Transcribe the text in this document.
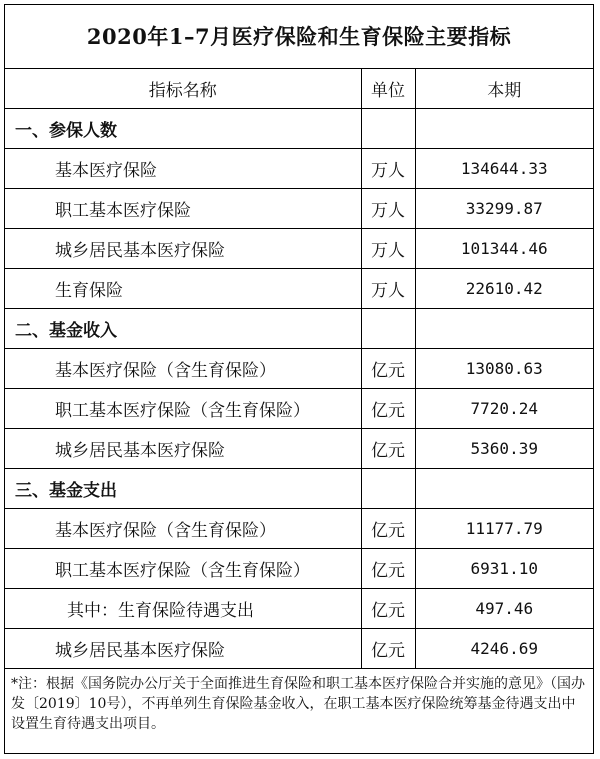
2020年1–7月医疗保险和生育保险主要指标
指标名称	单位	本期
一、参保人数		
基本医疗保险	万人	134644.33
职工基本医疗保险	万人	33299.87
城乡居民基本医疗保险	万人	101344.46
生育保险	万人	22610.42
二、基金收入		
基本医疗保险（含生育保险）	亿元	13080.63
职工基本医疗保险（含生育保险）	亿元	7720.24
城乡居民基本医疗保险	亿元	5360.39
三、基金支出		
基本医疗保险（含生育保险）	亿元	11177.79
职工基本医疗保险（含生育保险）	亿元	6931.10
其中：生育保险待遇支出	亿元	497.46
城乡居民基本医疗保险	亿元	4246.69
*注：根据《国务院办公厅关于全面推进生育保险和职工基本医疗保险合并实施的意见》（国办发〔2019〕10号），不再单列生育保险基金收入，在职工基本医疗保险统筹基金待遇支出中设置生育待遇支出项目。
